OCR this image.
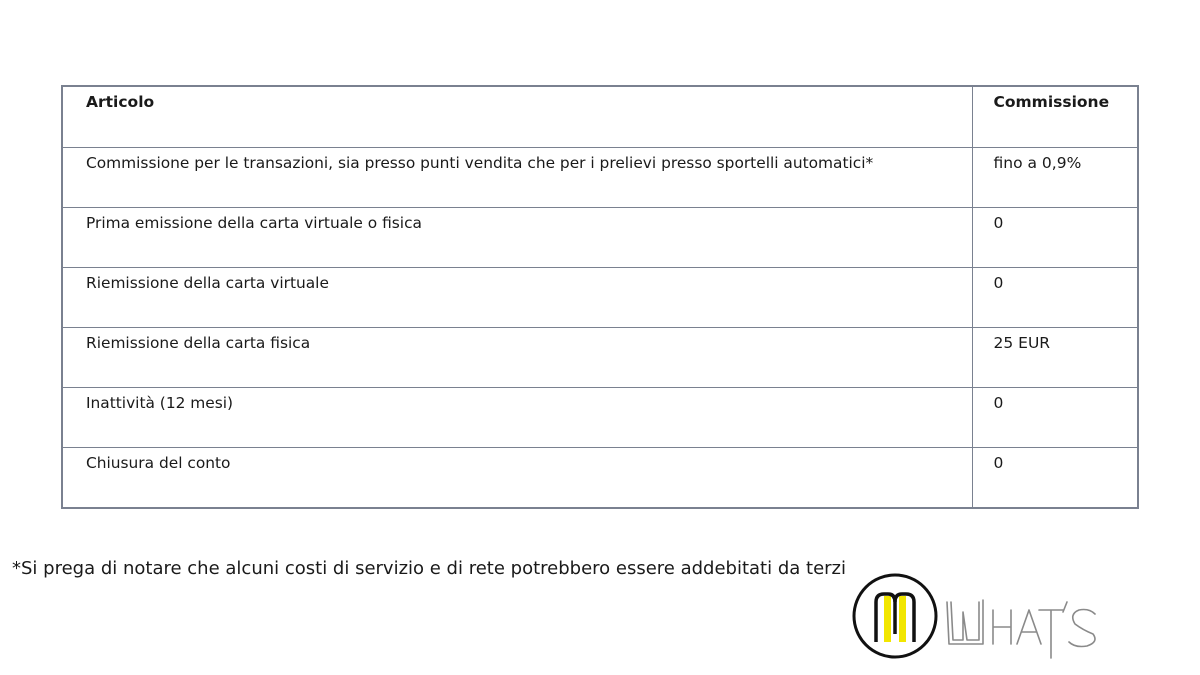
Articolo	Commissione
Commissione per le transazioni, sia presso punti vendita che per i prelievi presso sportelli automatici*	fino a 0,9%
Prima emissione della carta virtuale o fisica	0
Riemissione della carta virtuale	0
Riemissione della carta fisica	25 EUR
Inattività (12 mesi)	0
Chiusura del conto	0
*Si prega di notare che alcuni costi di servizio e di rete potrebbero essere addebitati da terzi
